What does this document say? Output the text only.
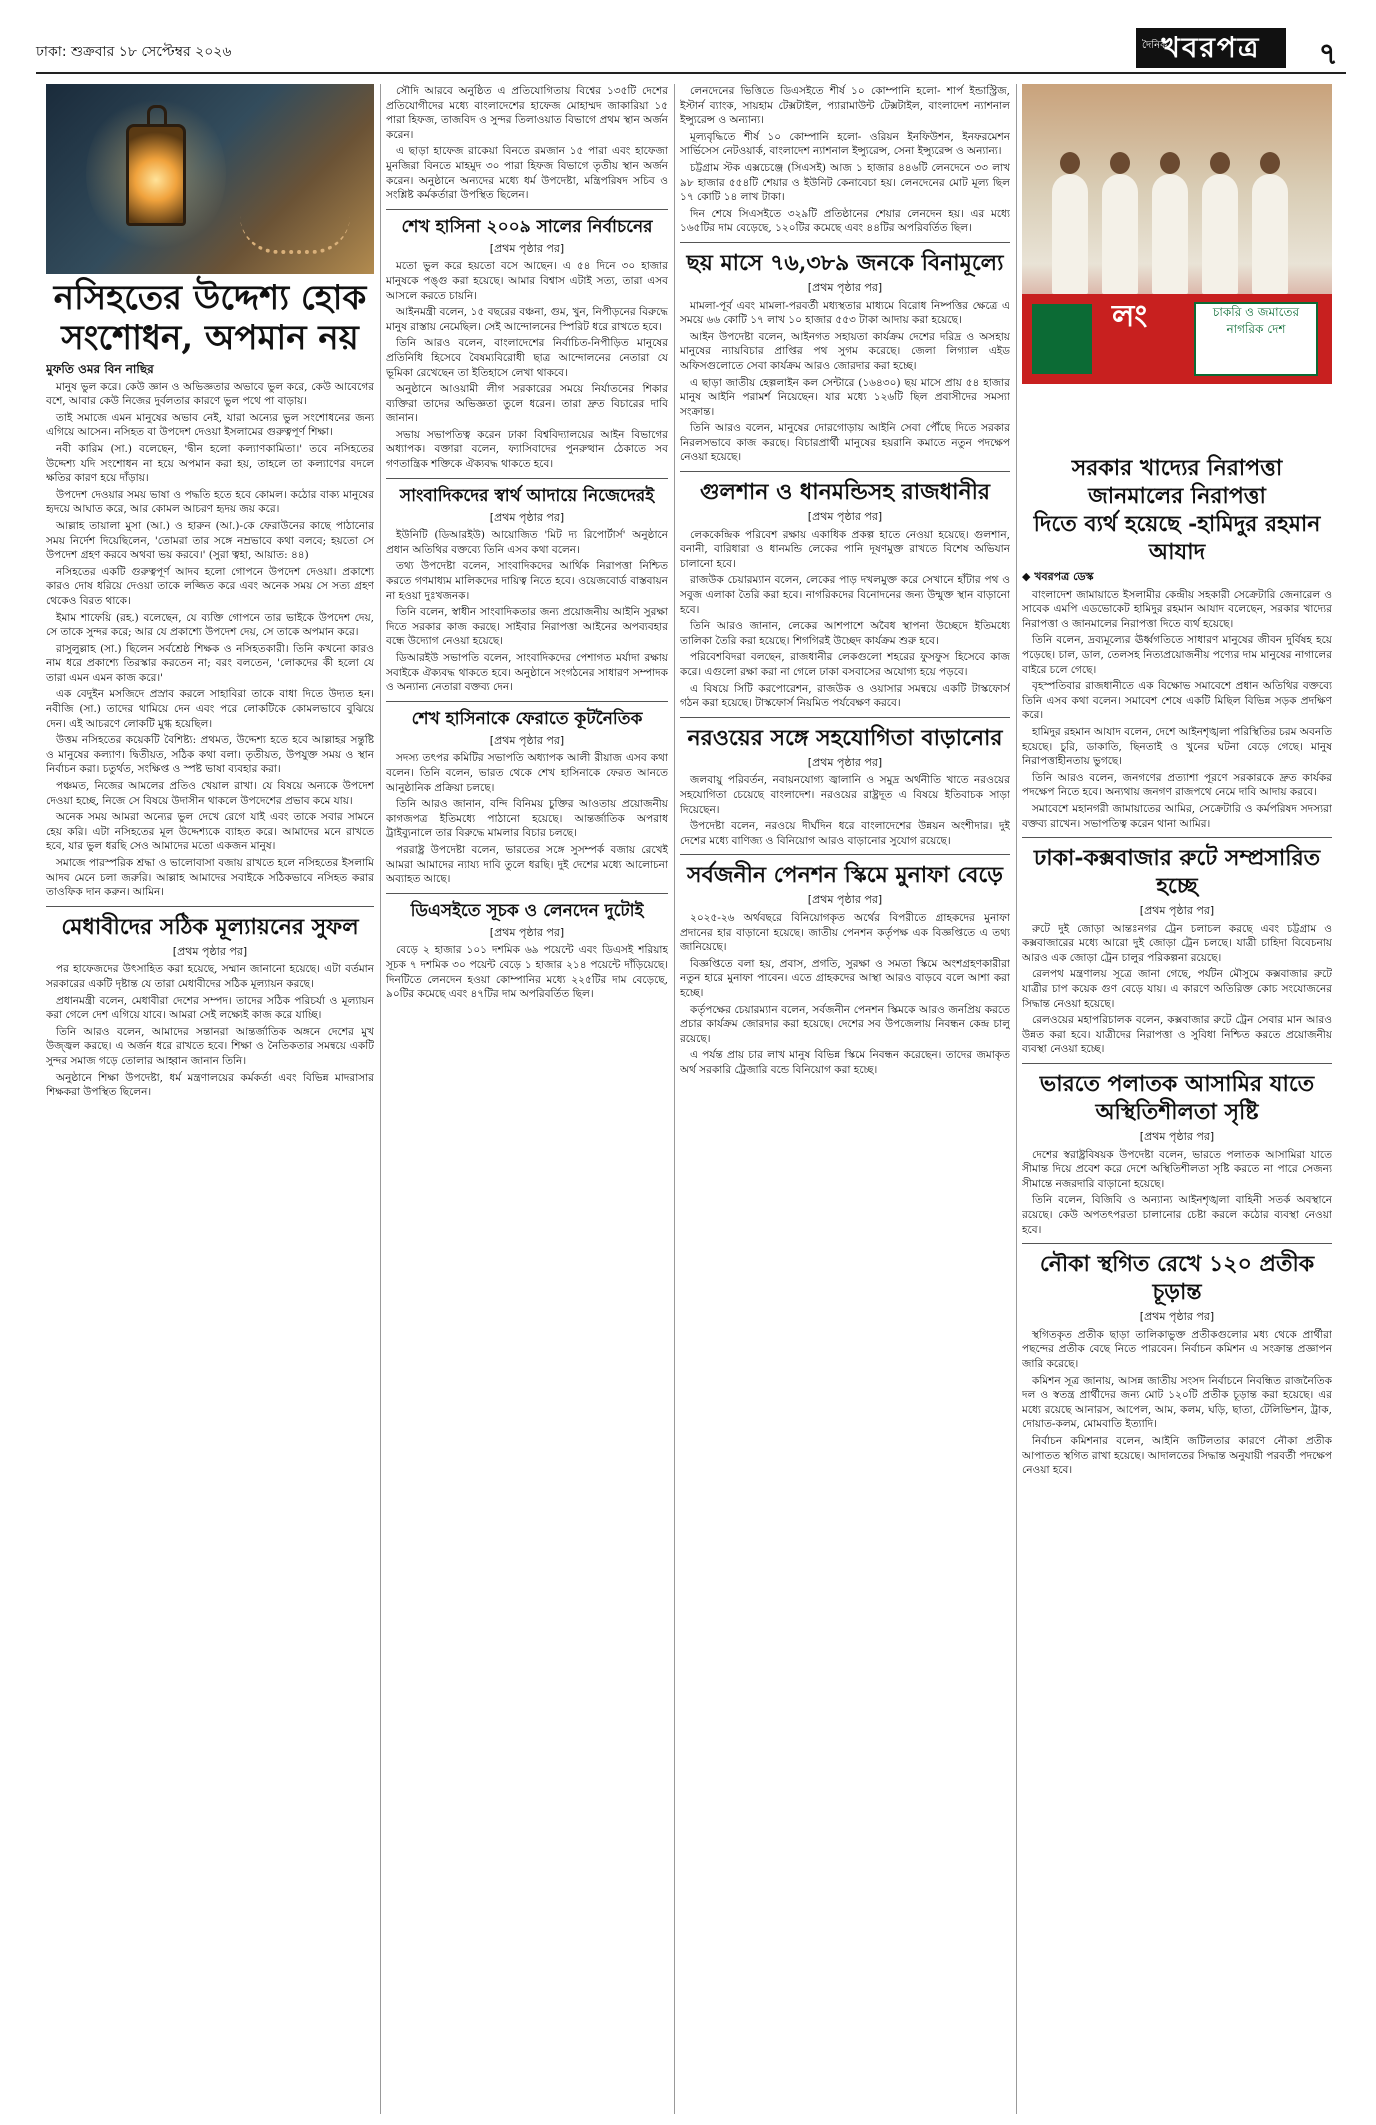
ঢাকা: শুক্রবার ১৮ সেপ্টেম্বর ২০২৬	দৈনিক
খবরপত্র	৭
নসিহতের উদ্দেশ্য হোক
সংশোধন, অপমান নয়
মুফতি ওমর বিন নাছির

মানুষ ভুল করে। কেউ জ্ঞান ও অভিজ্ঞতার অভাবে ভুল করে, কেউ আবেগের বশে, আবার কেউ নিজের দুর্বলতার কারণে ভুল পথে পা বাড়ায়।

তাই সমাজে এমন মানুষের অভাব নেই, যারা অন্যের ভুল সংশোধনের জন্য এগিয়ে আসেন। নসিহত বা উপদেশ দেওয়া ইসলামের গুরুত্বপূর্ণ শিক্ষা।

নবী কারিম (সা.) বলেছেন, 'দ্বীন হলো কল্যাণকামিতা।' তবে নসিহতের উদ্দেশ্য যদি সংশোধন না হয়ে অপমান করা হয়, তাহলে তা কল্যাণের বদলে ক্ষতির কারণ হয়ে দাঁড়ায়।

উপদেশ দেওয়ার সময় ভাষা ও পদ্ধতি হতে হবে কোমল। কঠোর বাক্য মানুষের হৃদয়ে আঘাত করে, আর কোমল আচরণ হৃদয় জয় করে।

আল্লাহ তায়ালা মুসা (আ.) ও হারুন (আ.)-কে ফেরাউনের কাছে পাঠানোর সময় নির্দেশ দিয়েছিলেন, 'তোমরা তার সঙ্গে নম্রভাবে কথা বলবে; হয়তো সে উপদেশ গ্রহণ করবে অথবা ভয় করবে।' (সুরা ত্বহা, আয়াত: ৪৪)

নসিহতের একটি গুরুত্বপূর্ণ আদব হলো গোপনে উপদেশ দেওয়া। প্রকাশ্যে কারও দোষ ধরিয়ে দেওয়া তাকে লজ্জিত করে এবং অনেক সময় সে সত্য গ্রহণ থেকেও বিরত থাকে।

ইমাম শাফেয়ি (রহ.) বলেছেন, যে ব্যক্তি গোপনে তার ভাইকে উপদেশ দেয়, সে তাকে সুন্দর করে; আর যে প্রকাশ্যে উপদেশ দেয়, সে তাকে অপমান করে।

রাসুলুল্লাহ (সা.) ছিলেন সর্বশ্রেষ্ঠ শিক্ষক ও নসিহতকারী। তিনি কখনো কারও নাম ধরে প্রকাশ্যে তিরস্কার করতেন না; বরং বলতেন, 'লোকদের কী হলো যে তারা এমন এমন কাজ করে।'

এক বেদুইন মসজিদে প্রস্রাব করলে সাহাবিরা তাকে বাধা দিতে উদ্যত হন। নবীজি (সা.) তাদের থামিয়ে দেন এবং পরে লোকটিকে কোমলভাবে বুঝিয়ে দেন। এই আচরণে লোকটি মুগ্ধ হয়েছিল।

উত্তম নসিহতের কয়েকটি বৈশিষ্ট্য: প্রথমত, উদ্দেশ্য হতে হবে আল্লাহর সন্তুষ্টি ও মানুষের কল্যাণ। দ্বিতীয়ত, সঠিক কথা বলা। তৃতীয়ত, উপযুক্ত সময় ও স্থান নির্বাচন করা। চতুর্থত, সংক্ষিপ্ত ও স্পষ্ট ভাষা ব্যবহার করা।

পঞ্চমত, নিজের আমলের প্রতিও খেয়াল রাখা। যে বিষয়ে অন্যকে উপদেশ দেওয়া হচ্ছে, নিজে সে বিষয়ে উদাসীন থাকলে উপদেশের প্রভাব কমে যায়।

অনেক সময় আমরা অন্যের ভুল দেখে রেগে যাই এবং তাকে সবার সামনে হেয় করি। এটা নসিহতের মূল উদ্দেশ্যকে ব্যাহত করে। আমাদের মনে রাখতে হবে, যার ভুল ধরছি সেও আমাদের মতো একজন মানুষ।

সমাজে পারস্পরিক শ্রদ্ধা ও ভালোবাসা বজায় রাখতে হলে নসিহতের ইসলামি আদব মেনে চলা জরুরি। আল্লাহ আমাদের সবাইকে সঠিকভাবে নসিহত করার তাওফিক দান করুন। আমিন।

মেধাবীদের সঠিক মূল্যায়নের সুফল
[প্রথম পৃষ্ঠার পর]

পর হাফেজদের উৎসাহিত করা হয়েছে, সম্মান জানানো হয়েছে। এটা বর্তমান সরকারের একটি দৃষ্টান্ত যে তারা মেধাবীদের সঠিক মূল্যায়ন করছে।

প্রধানমন্ত্রী বলেন, মেধাবীরা দেশের সম্পদ। তাদের সঠিক পরিচর্যা ও মূল্যায়ন করা গেলে দেশ এগিয়ে যাবে। আমরা সেই লক্ষ্যেই কাজ করে যাচ্ছি।

তিনি আরও বলেন, আমাদের সন্তানরা আন্তর্জাতিক অঙ্গনে দেশের মুখ উজ্জ্বল করছে। এ অর্জন ধরে রাখতে হবে। শিক্ষা ও নৈতিকতার সমন্বয়ে একটি সুন্দর সমাজ গড়ে তোলার আহ্বান জানান তিনি।

অনুষ্ঠানে শিক্ষা উপদেষ্টা, ধর্ম মন্ত্রণালয়ের কর্মকর্তা এবং বিভিন্ন মাদরাসার শিক্ষকরা উপস্থিত ছিলেন।

সৌদি আরবে অনুষ্ঠিত এ প্রতিযোগিতায় বিশ্বের ১৩৫টি দেশের প্রতিযোগীদের মধ্যে বাংলাদেশের হাফেজ মোহাম্মদ জাকারিয়া ১৫ পারা হিফজ, তাজবিদ ও সুন্দর তিলাওয়াত বিভাগে প্রথম স্থান অর্জন করেন।

এ ছাড়া হাফেজ রাকেয়া বিনতে রমজান ১৫ পারা এবং হাফেজা মুনজিরা বিনতে মাহমুদ ৩০ পারা হিফজ বিভাগে তৃতীয় স্থান অর্জন করেন। অনুষ্ঠানে অন্যদের মধ্যে ধর্ম উপদেষ্টা, মন্ত্রিপরিষদ সচিব ও সংশ্লিষ্ট কর্মকর্তারা উপস্থিত ছিলেন।

শেখ হাসিনা ২০০৯ সালের নির্বাচনের
[প্রথম পৃষ্ঠার পর]

মতো ভুল করে হয়তো বসে আছেন। এ ৫৪ দিনে ৩০ হাজার মানুষকে পঙ্গু করা হয়েছে। আমার বিশ্বাস এটাই সত্য, তারা এসব আসলে করতে চায়নি।

আইনমন্ত্রী বলেন, ১৫ বছরের বঞ্চনা, গুম, খুন, নিপীড়নের বিরুদ্ধে মানুষ রাস্তায় নেমেছিল। সেই আন্দোলনের স্পিরিট ধরে রাখতে হবে।

তিনি আরও বলেন, বাংলাদেশের নির্বাচিত-নিপীড়িত মানুষের প্রতিনিধি হিসেবে বৈষম্যবিরোধী ছাত্র আন্দোলনের নেতারা যে ভূমিকা রেখেছেন তা ইতিহাসে লেখা থাকবে।

অনুষ্ঠানে আওয়ামী লীগ সরকারের সময়ে নির্যাতনের শিকার ব্যক্তিরা তাদের অভিজ্ঞতা তুলে ধরেন। তারা দ্রুত বিচারের দাবি জানান।

সভায় সভাপতিত্ব করেন ঢাকা বিশ্ববিদ্যালয়ের আইন বিভাগের অধ্যাপক। বক্তারা বলেন, ফ্যাসিবাদের পুনরুত্থান ঠেকাতে সব গণতান্ত্রিক শক্তিকে ঐক্যবদ্ধ থাকতে হবে।

সাংবাদিকদের স্বার্থ আদায়ে নিজেদেরই
[প্রথম পৃষ্ঠার পর]

ইউনিটি (ডিআরইউ) আয়োজিত 'মিট দ্য রিপোর্টার্স' অনুষ্ঠানে প্রধান অতিথির বক্তব্যে তিনি এসব কথা বলেন।

তথ্য উপদেষ্টা বলেন, সাংবাদিকদের আর্থিক নিরাপত্তা নিশ্চিত করতে গণমাধ্যম মালিকদের দায়িত্ব নিতে হবে। ওয়েজবোর্ড বাস্তবায়ন না হওয়া দুঃখজনক।

তিনি বলেন, স্বাধীন সাংবাদিকতার জন্য প্রয়োজনীয় আইনি সুরক্ষা দিতে সরকার কাজ করছে। সাইবার নিরাপত্তা আইনের অপব্যবহার বন্ধে উদ্যোগ নেওয়া হয়েছে।

ডিআরইউ সভাপতি বলেন, সাংবাদিকদের পেশাগত মর্যাদা রক্ষায় সবাইকে ঐক্যবদ্ধ থাকতে হবে। অনুষ্ঠানে সংগঠনের সাধারণ সম্পাদক ও অন্যান্য নেতারা বক্তব্য দেন।

শেখ হাসিনাকে ফেরাতে কূটনৈতিক
[প্রথম পৃষ্ঠার পর]

সদস্য তৎপর কমিটির সভাপতি অধ্যাপক আলী রীয়াজ এসব কথা বলেন। তিনি বলেন, ভারত থেকে শেখ হাসিনাকে ফেরত আনতে আনুষ্ঠানিক প্রক্রিয়া চলছে।

তিনি আরও জানান, বন্দি বিনিময় চুক্তির আওতায় প্রয়োজনীয় কাগজপত্র ইতিমধ্যে পাঠানো হয়েছে। আন্তর্জাতিক অপরাধ ট্রাইব্যুনালে তার বিরুদ্ধে মামলার বিচার চলছে।

পররাষ্ট্র উপদেষ্টা বলেন, ভারতের সঙ্গে সুসম্পর্ক বজায় রেখেই আমরা আমাদের ন্যায্য দাবি তুলে ধরছি। দুই দেশের মধ্যে আলোচনা অব্যাহত আছে।

ডিএসইতে সূচক ও লেনদেন দুটোই
[প্রথম পৃষ্ঠার পর]

বেড়ে ২ হাজার ১০১ দশমিক ৬৯ পয়েন্টে এবং ডিএসই শরিয়াহ সূচক ৭ দশমিক ৩০ পয়েন্ট বেড়ে ১ হাজার ২১৪ পয়েন্টে দাঁড়িয়েছে। দিনটিতে লেনদেন হওয়া কোম্পানির মধ্যে ২২৫টির দাম বেড়েছে, ৯০টির কমেছে এবং ৪৭টির দাম অপরিবর্তিত ছিল।

লেনদেনের ভিত্তিতে ডিএসইতে শীর্ষ ১০ কোম্পানি হলো- শার্প ইন্ডাস্ট্রিজ, ইস্টার্ন ব্যাংক, সায়হাম টেক্সটাইল, প্যারামাউন্ট টেক্সটাইল, বাংলাদেশ ন্যাশনাল ইন্স্যুরেন্স ও অন্যান্য।

মূল্যবৃদ্ধিতে শীর্ষ ১০ কোম্পানি হলো- ওরিয়ন ইনফিউশন, ইনফরমেশন সার্ভিসেস নেটওয়ার্ক, বাংলাদেশ ন্যাশনাল ইন্স্যুরেন্স, সেনা ইন্স্যুরেন্স ও অন্যান্য।

চট্টগ্রাম স্টক এক্সচেঞ্জে (সিএসই) আজ ১ হাজার ৪৪৬টি লেনদেনে ৩৩ লাখ ৯৮ হাজার ৫৫৪টি শেয়ার ও ইউনিট কেনাবেচা হয়। লেনদেনের মোট মূল্য ছিল ১৭ কোটি ১৪ লাখ টাকা।

দিন শেষে সিএসইতে ৩২৯টি প্রতিষ্ঠানের শেয়ার লেনদেন হয়। এর মধ্যে ১৬৫টির দাম বেড়েছে, ১২০টির কমেছে এবং ৪৪টির অপরিবর্তিত ছিল।

ছয় মাসে ৭৬,৩৮৯ জনকে বিনামূল্যে
[প্রথম পৃষ্ঠার পর]

মামলা-পূর্ব এবং মামলা-পরবর্তী মধ্যস্থতার মাধ্যমে বিরোধ নিষ্পত্তির ক্ষেত্রে এ সময়ে ৬৬ কোটি ১৭ লাখ ১০ হাজার ৫৫৩ টাকা আদায় করা হয়েছে।

আইন উপদেষ্টা বলেন, আইনগত সহায়তা কার্যক্রম দেশের দরিদ্র ও অসহায় মানুষের ন্যায়বিচার প্রাপ্তির পথ সুগম করেছে। জেলা লিগ্যাল এইড অফিসগুলোতে সেবা কার্যক্রম আরও জোরদার করা হচ্ছে।

এ ছাড়া জাতীয় হেল্পলাইন কল সেন্টারে (১৬৪৩০) ছয় মাসে প্রায় ৫৪ হাজার মানুষ আইনি পরামর্শ নিয়েছেন। যার মধ্যে ১২৬টি ছিল প্রবাসীদের সমস্যা সংক্রান্ত।

তিনি আরও বলেন, মানুষের দোরগোড়ায় আইনি সেবা পৌঁছে দিতে সরকার নিরলসভাবে কাজ করছে। বিচারপ্রার্থী মানুষের হয়রানি কমাতে নতুন পদক্ষেপ নেওয়া হয়েছে।

গুলশান ও ধানমন্ডিসহ রাজধানীর
[প্রথম পৃষ্ঠার পর]

লেককেন্দ্রিক পরিবেশ রক্ষায় একাধিক প্রকল্প হাতে নেওয়া হয়েছে। গুলশান, বনানী, বারিধারা ও ধানমন্ডি লেকের পানি দূষণমুক্ত রাখতে বিশেষ অভিযান চালানো হবে।

রাজউক চেয়ারম্যান বলেন, লেকের পাড় দখলমুক্ত করে সেখানে হাঁটার পথ ও সবুজ এলাকা তৈরি করা হবে। নাগরিকদের বিনোদনের জন্য উন্মুক্ত স্থান বাড়ানো হবে।

তিনি আরও জানান, লেকের আশপাশে অবৈধ স্থাপনা উচ্ছেদে ইতিমধ্যে তালিকা তৈরি করা হয়েছে। শিগগিরই উচ্ছেদ কার্যক্রম শুরু হবে।

পরিবেশবিদরা বলছেন, রাজধানীর লেকগুলো শহরের ফুসফুস হিসেবে কাজ করে। এগুলো রক্ষা করা না গেলে ঢাকা বসবাসের অযোগ্য হয়ে পড়বে।

এ বিষয়ে সিটি করপোরেশন, রাজউক ও ওয়াসার সমন্বয়ে একটি টাস্কফোর্স গঠন করা হয়েছে। টাস্কফোর্স নিয়মিত পর্যবেক্ষণ করবে।

নরওয়ের সঙ্গে সহযোগিতা বাড়ানোর
[প্রথম পৃষ্ঠার পর]

জলবায়ু পরিবর্তন, নবায়নযোগ্য জ্বালানি ও সমুদ্র অর্থনীতি খাতে নরওয়ের সহযোগিতা চেয়েছে বাংলাদেশ। নরওয়ের রাষ্ট্রদূত এ বিষয়ে ইতিবাচক সাড়া দিয়েছেন।

উপদেষ্টা বলেন, নরওয়ে দীর্ঘদিন ধরে বাংলাদেশের উন্নয়ন অংশীদার। দুই দেশের মধ্যে বাণিজ্য ও বিনিয়োগ আরও বাড়ানোর সুযোগ রয়েছে।

সর্বজনীন পেনশন স্কিমে মুনাফা বেড়ে
[প্রথম পৃষ্ঠার পর]

২০২৫-২৬ অর্থবছরে বিনিয়োগকৃত অর্থের বিপরীতে গ্রাহকদের মুনাফা প্রদানের হার বাড়ানো হয়েছে। জাতীয় পেনশন কর্তৃপক্ষ এক বিজ্ঞপ্তিতে এ তথ্য জানিয়েছে।

বিজ্ঞপ্তিতে বলা হয়, প্রবাস, প্রগতি, সুরক্ষা ও সমতা স্কিমে অংশগ্রহণকারীরা নতুন হারে মুনাফা পাবেন। এতে গ্রাহকদের আস্থা আরও বাড়বে বলে আশা করা হচ্ছে।

কর্তৃপক্ষের চেয়ারম্যান বলেন, সর্বজনীন পেনশন স্কিমকে আরও জনপ্রিয় করতে প্রচার কার্যক্রম জোরদার করা হয়েছে। দেশের সব উপজেলায় নিবন্ধন কেন্দ্র চালু রয়েছে।

এ পর্যন্ত প্রায় চার লাখ মানুষ বিভিন্ন স্কিমে নিবন্ধন করেছেন। তাদের জমাকৃত অর্থ সরকারি ট্রেজারি বন্ডে বিনিয়োগ করা হচ্ছে।

লং	চাকরি ও জমাতের নাগরিক দেশ
সরকার খাদ্যের নিরাপত্তা জানমালের নিরাপত্তা
দিতে ব্যর্থ হয়েছে -হামিদুর রহমান আযাদ
◆ খবরপত্র ডেস্ক

বাংলাদেশ জামায়াতে ইসলামীর কেন্দ্রীয় সহকারী সেক্রেটারি জেনারেল ও সাবেক এমপি এডভোকেট হামিদুর রহমান আযাদ বলেছেন, সরকার খাদ্যের নিরাপত্তা ও জানমালের নিরাপত্তা দিতে ব্যর্থ হয়েছে।

তিনি বলেন, দ্রব্যমূল্যের ঊর্ধ্বগতিতে সাধারণ মানুষের জীবন দুর্বিষহ হয়ে পড়েছে। চাল, ডাল, তেলসহ নিত্যপ্রয়োজনীয় পণ্যের দাম মানুষের নাগালের বাইরে চলে গেছে।

বৃহস্পতিবার রাজধানীতে এক বিক্ষোভ সমাবেশে প্রধান অতিথির বক্তব্যে তিনি এসব কথা বলেন। সমাবেশ শেষে একটি মিছিল বিভিন্ন সড়ক প্রদক্ষিণ করে।

হামিদুর রহমান আযাদ বলেন, দেশে আইনশৃঙ্খলা পরিস্থিতির চরম অবনতি হয়েছে। চুরি, ডাকাতি, ছিনতাই ও খুনের ঘটনা বেড়ে গেছে। মানুষ নিরাপত্তাহীনতায় ভুগছে।

তিনি আরও বলেন, জনগণের প্রত্যাশা পূরণে সরকারকে দ্রুত কার্যকর পদক্ষেপ নিতে হবে। অন্যথায় জনগণ রাজপথে নেমে দাবি আদায় করবে।

সমাবেশে মহানগরী জামায়াতের আমির, সেক্রেটারি ও কর্মপরিষদ সদস্যরা বক্তব্য রাখেন। সভাপতিত্ব করেন থানা আমির।

ঢাকা-কক্সবাজার রুটে সম্প্রসারিত হচ্ছে
[প্রথম পৃষ্ঠার পর]

রুটে দুই জোড়া আন্তঃনগর ট্রেন চলাচল করছে এবং চট্টগ্রাম ও কক্সবাজারের মধ্যে আরো দুই জোড়া ট্রেন চলছে। যাত্রী চাহিদা বিবেচনায় আরও এক জোড়া ট্রেন চালুর পরিকল্পনা রয়েছে।

রেলপথ মন্ত্রণালয় সূত্রে জানা গেছে, পর্যটন মৌসুমে কক্সবাজার রুটে যাত্রীর চাপ কয়েক গুণ বেড়ে যায়। এ কারণে অতিরিক্ত কোচ সংযোজনের সিদ্ধান্ত নেওয়া হয়েছে।

রেলওয়ের মহাপরিচালক বলেন, কক্সবাজার রুটে ট্রেন সেবার মান আরও উন্নত করা হবে। যাত্রীদের নিরাপত্তা ও সুবিধা নিশ্চিত করতে প্রয়োজনীয় ব্যবস্থা নেওয়া হচ্ছে।

ভারতে পলাতক আসামির যাতে অস্থিতিশীলতা সৃষ্টি
[প্রথম পৃষ্ঠার পর]

দেশের স্বরাষ্ট্রবিষয়ক উপদেষ্টা বলেন, ভারতে পলাতক আসামিরা যাতে সীমান্ত দিয়ে প্রবেশ করে দেশে অস্থিতিশীলতা সৃষ্টি করতে না পারে সেজন্য সীমান্তে নজরদারি বাড়ানো হয়েছে।

তিনি বলেন, বিজিবি ও অন্যান্য আইনশৃঙ্খলা বাহিনী সতর্ক অবস্থানে রয়েছে। কেউ অপতৎপরতা চালানোর চেষ্টা করলে কঠোর ব্যবস্থা নেওয়া হবে।

নৌকা স্থগিত রেখে ১২০ প্রতীক চূড়ান্ত
[প্রথম পৃষ্ঠার পর]

স্থগিতকৃত প্রতীক ছাড়া তালিকাভুক্ত প্রতীকগুলোর মধ্য থেকে প্রার্থীরা পছন্দের প্রতীক বেছে নিতে পারবেন। নির্বাচন কমিশন এ সংক্রান্ত প্রজ্ঞাপন জারি করেছে।

কমিশন সূত্র জানায়, আসন্ন জাতীয় সংসদ নির্বাচনে নিবন্ধিত রাজনৈতিক দল ও স্বতন্ত্র প্রার্থীদের জন্য মোট ১২০টি প্রতীক চূড়ান্ত করা হয়েছে। এর মধ্যে রয়েছে আনারস, আপেল, আম, কলম, ঘড়ি, ছাতা, টেলিভিশন, ট্রাক, দোয়াত-কলম, মোমবাতি ইত্যাদি।

নির্বাচন কমিশনার বলেন, আইনি জটিলতার কারণে নৌকা প্রতীক আপাতত স্থগিত রাখা হয়েছে। আদালতের সিদ্ধান্ত অনুযায়ী পরবর্তী পদক্ষেপ নেওয়া হবে।
